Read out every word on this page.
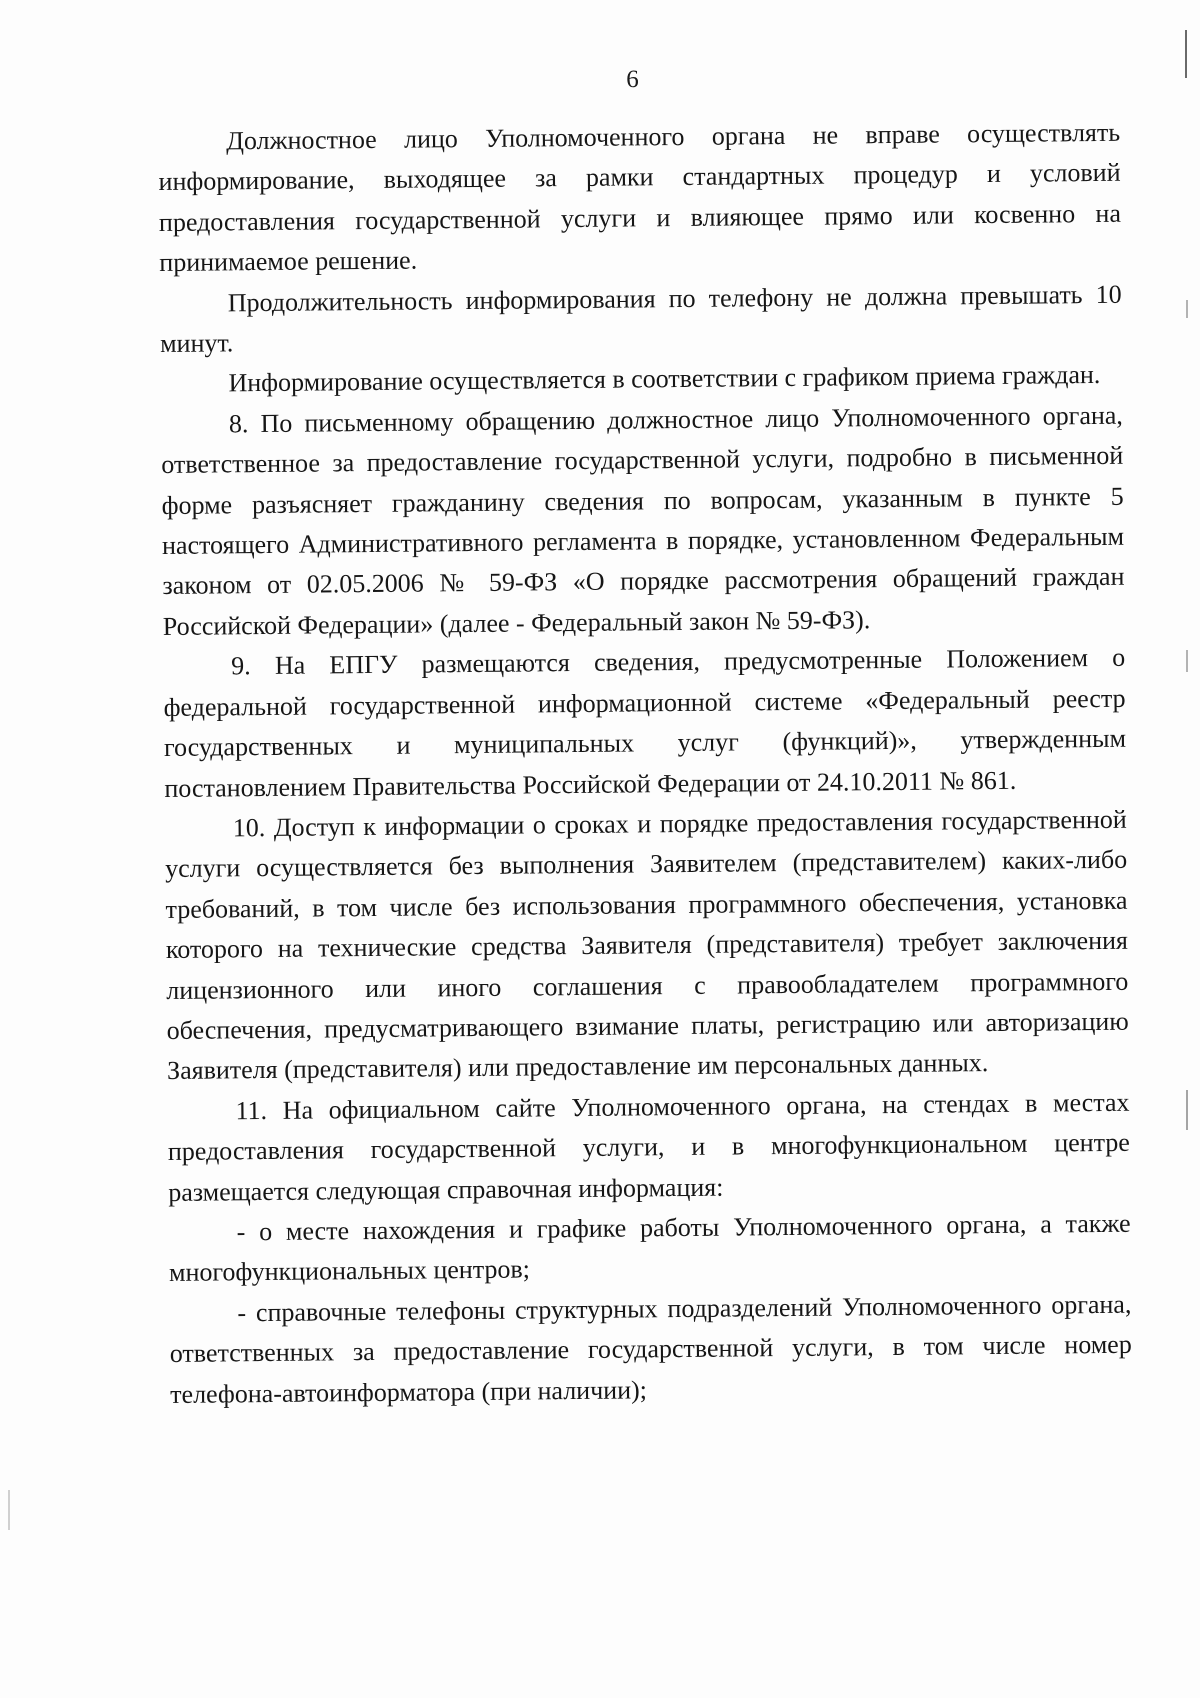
6

Должностное лицо Уполномоченного органа не вправе осуществлять информирование, выходящее за рамки стандартных процедур и условий предоставления государственной услуги и влияющее прямо или косвенно на принимаемое решение.

Продолжительность информирования по телефону не должна превышать 10 минут.

Информирование осуществляется в соответствии с графиком приема граждан.

8. По письменному обращению должностное лицо Уполномоченного органа, ответственное за предоставление государственной услуги, подробно в письменной форме разъясняет гражданину сведения по вопросам, указанным в пункте 5 настоящего Административного регламента в порядке, установленном Федеральным законом от 02.05.2006 № 59-ФЗ «О порядке рассмотрения обращений граждан Российской Федерации» (далее - Федеральный закон № 59-ФЗ).

9. На ЕПГУ размещаются сведения, предусмотренные Положением о федеральной государственной информационной системе «Федеральный реестр государственных и муниципальных услуг (функций)», утвержденным постановлением Правительства Российской Федерации от 24.10.2011 № 861.

10. Доступ к информации о сроках и порядке предоставления государственной услуги осуществляется без выполнения Заявителем (представителем) каких-либо требований, в том числе без использования программного обеспечения, установка которого на технические средства Заявителя (представителя) требует заключения лицензионного или иного соглашения с правообладателем программного обеспечения, предусматривающего взимание платы, регистрацию или авторизацию Заявителя (представителя) или предоставление им персональных данных.

11. На официальном сайте Уполномоченного органа, на стендах в местах предоставления государственной услуги, и в многофункциональном центре размещается следующая справочная информация:

- о месте нахождения и графике работы Уполномоченного органа, а также многофункциональных центров;

- справочные телефоны структурных подразделений Уполномоченного органа, ответственных за предоставление государственной услуги, в том числе номер телефона-автоинформатора (при наличии);
